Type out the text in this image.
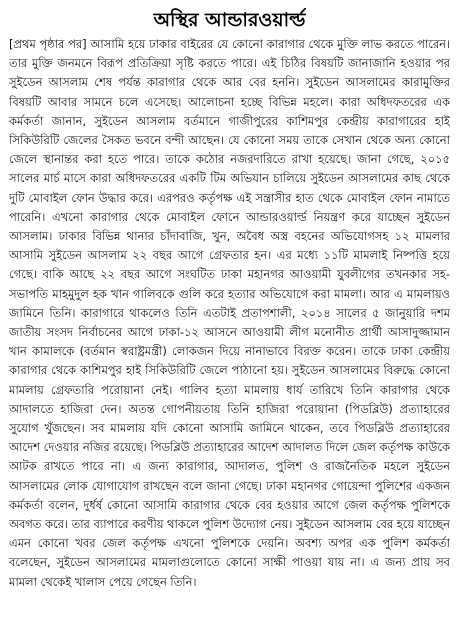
অস্থির আন্ডারওয়ার্ল্ড
[প্রথম পৃষ্ঠার পর] আসামি হয়ে ঢাকার বাইরের যে কোনো কারাগার থেকে মুক্তি লাভ করতে পারেন। তার মুক্তি জনমনে বিরূপ প্রতিক্রিয়া সৃষ্টি করতে পারে। এই চিঠির বিষয়টি জানাজানি হওয়ার পর সুইডেন আসলাম শেষ পর্যন্ত কারাগার থেকে আর বের হননি। সুইডেন আসলামের কারামুক্তির বিষয়টি আবার সামনে চলে এসেছে। আলোচনা হচ্ছে বিভিন্ন মহলে। কারা অধিদফতরের এক কর্মকর্তা জানান, সুইডেন আসলাম বর্তমানে গাজীপুরের কাশিমপুর কেন্দ্রীয় কারাগারের হাই সিকিউরিটি জেলের সৈকত ভবনে বন্দী আছেন। যে কোনো সময় তাকে সেখান থেকে অন্য কোনো জেলে স্থানান্তর করা হতে পারে। তাকে কঠোর নজরদারিতে রাখা হয়েছে। জানা গেছে, ২০১৫ সালের মার্চ মাসে কারা অধিদফতরের একটি টিম অভিযান চালিয়ে সুইডেন আসলামের কাছ থেকে দুটি মোবাইল ফোন উদ্ধার করে। এরপরও কর্তৃপক্ষ এই সন্ত্রাসীর হাত থেকে মোবাইল ফোন নামাতে পারেনি। এখনো কারাগার থেকে মোবাইল ফোনে আন্ডারওয়ার্ল্ড নিয়ন্ত্রণ করে যাচ্ছেন সুইডেন আসলাম। ঢাকার বিভিন্ন থানার চাঁদাবাজি, খুন, অবৈধ অস্ত্র বহনের অভিযোগসহ ১২ মামলার আসামি সুইডেন আসলাম ২২ বছর আগে গ্রেফতার হন। এর মধ্যে ১১টি মামলাই নিষ্পত্তি হয়ে গেছে। বাকি আছে ২২ বছর আগে সংঘটিত ঢাকা মহানগর আওয়ামী যুবলীগের তখনকার সহ-সভাপতি মাহমুদুল হক খান গালিবকে গুলি করে হত্যার অভিযোগে করা মামলা। আর এ মামলায়ও জামিনে তিনি। কারাগারে থাকলেও তিনি এতটাই প্রতাপশালী, ২০১৪ সালের ৫ জানুয়ারি দশম জাতীয় সংসদ নির্বাচনের আগে ঢাকা-১২ আসনে আওয়ামী লীগ মনোনীত প্রার্থী আসাদুজ্জামান খান কামালকে (বর্তমান স্বরাষ্ট্রমন্ত্রী) লোকজন দিয়ে নানাভাবে বিরক্ত করেন। তাকে ঢাকা কেন্দ্রীয় কারাগার থেকে কাশিমপুর হাই সিকিউরিটি জেলে পাঠানো হয়। সুইডেন আসলামের বিরুদ্ধে কোনো মামলায় গ্রেফতারি পরোয়ানা নেই। গালিব হত্যা মামলায় ধার্য তারিখে তিনি কারাগার থেকে আদালতে হাজিরা দেন। অতন্ত গোপনীয়তায় তিনি হাজিরা পরোয়ানা (পিডব্লিউ) প্রত্যাহারের সুযোগ খুঁজছেন। সব মামলায় যদি কোনো আসামি জামিনে থাকেন, তবে পিডব্লিউ প্রত্যাহারের আদেশ দেওয়ার নজির রয়েছে। পিডব্লিউ প্রত্যাহারের আদেশ আদালত দিলে জেল কর্তৃপক্ষ কাউকে আটক রাখতে পারে না। এ জন্য কারাগার, আদালত, পুলিশ ও রাজনৈতিক মহলে সুইডেন আসলামের লোক যোগাযোগ রাখছেন বলে জানা গেছে। ঢাকা মহানগর গোয়েন্দা পুলিশের একজন কর্মকর্তা বলেন, দুর্ধর্ষ কোনো আসামি কারাগার থেকে বের হওয়ার আগে জেল কর্তৃপক্ষ পুলিশকে অবগত করে। তার ব্যাপারে করণীয় থাকলে পুলিশ উদ্যোগ নেয়। সুইডেন আসলাম বের হয়ে যাচ্ছেন এমন কোনো খবর জেল কর্তৃপক্ষ এখনো পুলিশকে দেয়নি। অবশ্য অপর এক পুলিশ কর্মকর্তা বলেছেন, সুইডেন আসলামের মামলাগুলোতে কোনো সাক্ষী পাওয়া যায় না। এ জন্য প্রায় সব মামলা থেকেই খালাস পেয়ে গেছেন তিনি।
